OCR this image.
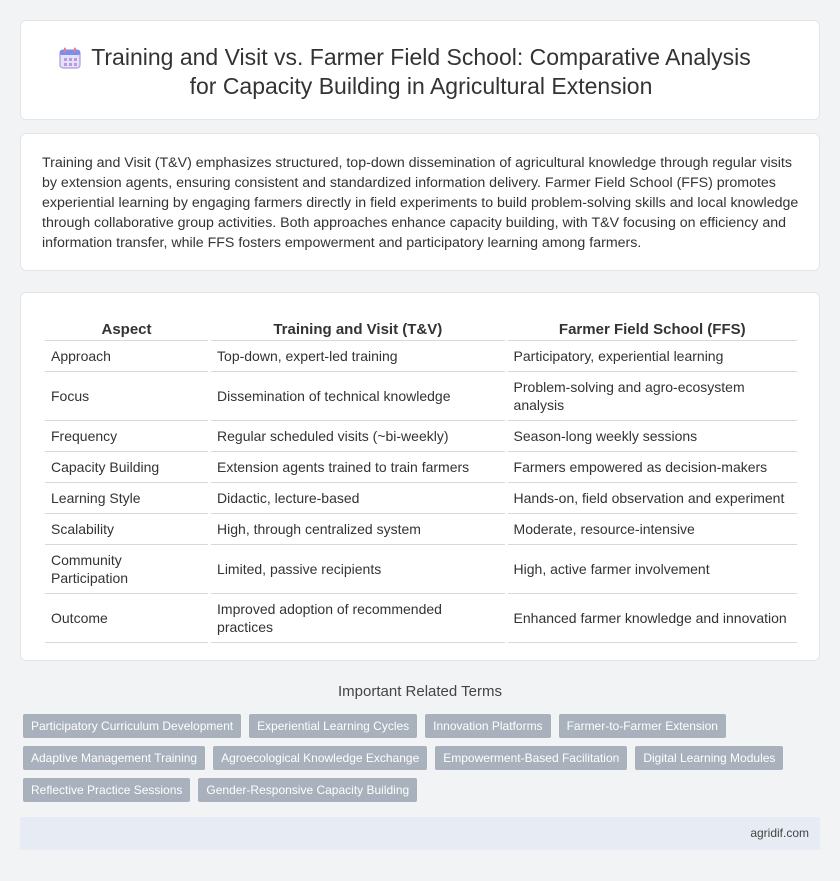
Training and Visit vs. Farmer Field School: Comparative Analysis
for Capacity Building in Agricultural Extension

Training and Visit (T&V) emphasizes structured, top-down dissemination of agricultural knowledge through regular visits by extension agents, ensuring consistent and standardized information delivery. Farmer Field School (FFS) promotes experiential learning by engaging farmers directly in field experiments to build problem-solving skills and local knowledge through collaborative group activities. Both approaches enhance capacity building, with T&V focusing on efficiency and information transfer, while FFS fosters empowerment and participatory learning among farmers.

Aspect	Training and Visit (T&V)	Farmer Field School (FFS)
Approach	Top-down, expert-led training	Participatory, experiential learning
Focus	Dissemination of technical knowledge	Problem-solving and agro-ecosystem analysis
Frequency	Regular scheduled visits (~bi-weekly)	Season-long weekly sessions
Capacity Building	Extension agents trained to train farmers	Farmers empowered as decision-makers
Learning Style	Didactic, lecture-based	Hands-on, field observation and experiment
Scalability	High, through centralized system	Moderate, resource-intensive
Community Participation	Limited, passive recipients	High, active farmer involvement
Outcome	Improved adoption of recommended practices	Enhanced farmer knowledge and innovation
Important Related Terms
Participatory Curriculum Development	Experiential Learning Cycles	Innovation Platforms	Farmer-to-Farmer Extension
Adaptive Management Training	Agroecological Knowledge Exchange	Empowerment-Based Facilitation	Digital Learning Modules
Reflective Practice Sessions	Gender-Responsive Capacity Building
agridif.com
